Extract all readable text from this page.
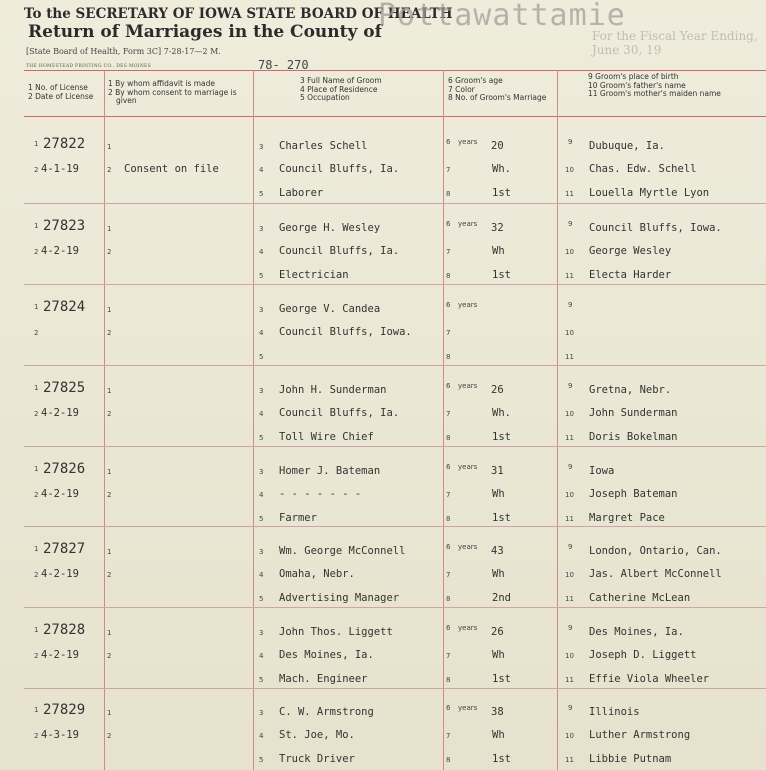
To the SECRETARY OF IOWA STATE BOARD OF HEALTH
Return of Marriages in the County of
Pottawattamie
For the Fiscal Year Ending, June 30, 19
[State Board of Health, Form 3C] 7-28-17—2 M.
THE HOMESTEAD PRINTING CO., DES MOINES	78- 270
1 No. of License
2 Date of License
1 By whom affidavit is made
2 By whom consent to marriage is
given
3 Full Name of Groom
4 Place of Residence
5 Occupation
6 Groom's age
7 Color
8 No. of Groom's Marriage
9 Groom's place of birth
10 Groom's father's name
11 Groom's mother's maiden name
1 27822
2 4-1-19
1
2 Consent on file
3 Charles Schell
4 Council Bluffs, Ia.
5 Laborer
6 years 20
7	Wh.
8	1st
9 Dubuque, Ia.
10 Chas. Edw. Schell
11 Louella Myrtle Lyon
1 27823
2 4-2-19
1
2
3 George H. Wesley
4 Council Bluffs, Ia.
5 Electrician
6 years 32
7	Wh
8	1st
9 Council Bluffs, Iowa.
10 George Wesley
11 Electa Harder
1 27824
2
1
2
3 George V. Candea
4 Council Bluffs, Iowa.
5
6 years
7
8
9
10
11
1 27825
2 4-2-19
1
2
3 John H. Sunderman
4 Council Bluffs, Ia.
5 Toll Wire Chief
6 years 26
7	Wh.
8	1st
9 Gretna, Nebr.
10 John Sunderman
11 Doris Bokelman
1 27826
2 4-2-19
1
2
3 Homer J. Bateman
4 - - - - - - -
5 Farmer
6 years 31
7	Wh
8	1st
9 Iowa
10 Joseph Bateman
11 Margret Pace
1 27827
2 4-2-19
1
2
3 Wm. George McConnell
4 Omaha, Nebr.
5 Advertising Manager
6 years 43
7	Wh
8	2nd
9 London, Ontario, Can.
10 Jas. Albert McConnell
11 Catherine McLean
1 27828
2 4-2-19
1
2
3 John Thos. Liggett
4 Des Moines, Ia.
5 Mach. Engineer
6 years 26
7	Wh
8	1st
9 Des Moines, Ia.
10 Joseph D. Liggett
11 Effie Viola Wheeler
1 27829
2 4-3-19
1
2
3 C. W. Armstrong
4 St. Joe, Mo.
5 Truck Driver
6 years 38
7	Wh
8	1st
9 Illinois
10 Luther Armstrong
11 Libbie Putnam
